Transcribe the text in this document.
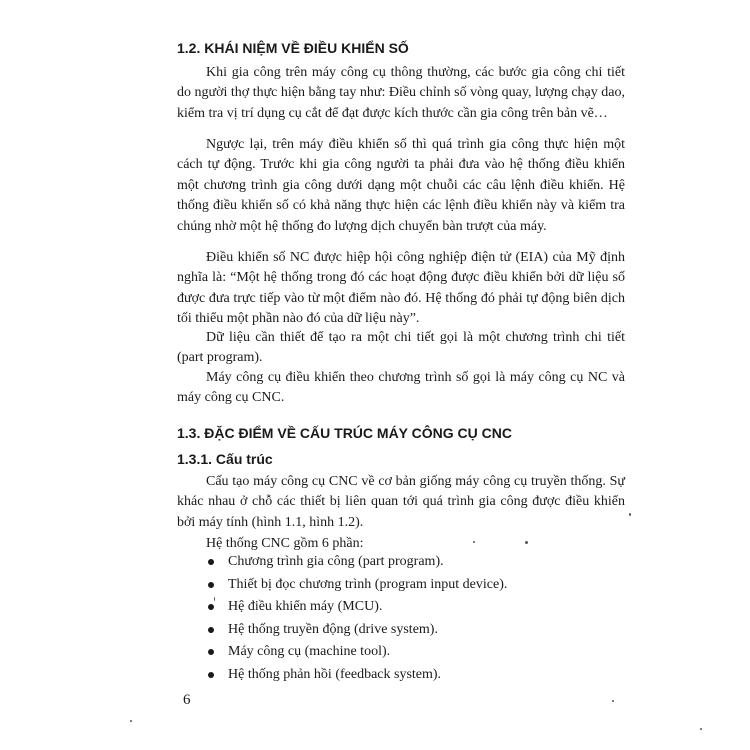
1.2. KHÁI NIỆM VỀ ĐIỀU KHIỂN SỐ

Khi gia công trên máy công cụ thông thường, các bước gia công chi tiết do người thợ thực hiện bằng tay như: Điều chỉnh số vòng quay, lượng chạy dao, kiểm tra vị trí dụng cụ cắt để đạt được kích thước cần gia công trên bản vẽ…

Ngược lại, trên máy điều khiển số thì quá trình gia công thực hiện một cách tự động. Trước khi gia công người ta phải đưa vào hệ thống điều khiển một chương trình gia công dưới dạng một chuỗi các câu lệnh điều khiển. Hệ thống điều khiển số có khả năng thực hiện các lệnh điều khiển này và kiểm tra chúng nhờ một hệ thống đo lượng dịch chuyển bàn trượt của máy.

Điều khiển số NC được hiệp hội công nghiệp điện tử (EIA) của Mỹ định nghĩa là: “Một hệ thống trong đó các hoạt động được điều khiển bởi dữ liệu số được đưa trực tiếp vào từ một điểm nào đó. Hệ thống đó phải tự động biên dịch tối thiểu một phần nào đó của dữ liệu này”.

Dữ liệu cần thiết để tạo ra một chi tiết gọi là một chương trình chi tiết (part program).

Máy công cụ điều khiển theo chương trình số gọi là máy công cụ NC và máy công cụ CNC.

1.3. ĐẶC ĐIỂM VỀ CẤU TRÚC MÁY CÔNG CỤ CNC
1.3.1. Cấu trúc

Cấu tạo máy công cụ CNC về cơ bản giống máy công cụ truyền thống. Sự khác nhau ở chỗ các thiết bị liên quan tới quá trình gia công được điều khiển bởi máy tính (hình 1.1, hình 1.2).

Hệ thống CNC gồm 6 phần:

Chương trình gia công (part program).
Thiết bị đọc chương trình (program input device).
Hệ điều khiển máy (MCU).
Hệ thống truyền động (drive system).
Máy công cụ (machine tool).
Hệ thống phản hồi (feedback system).

6
